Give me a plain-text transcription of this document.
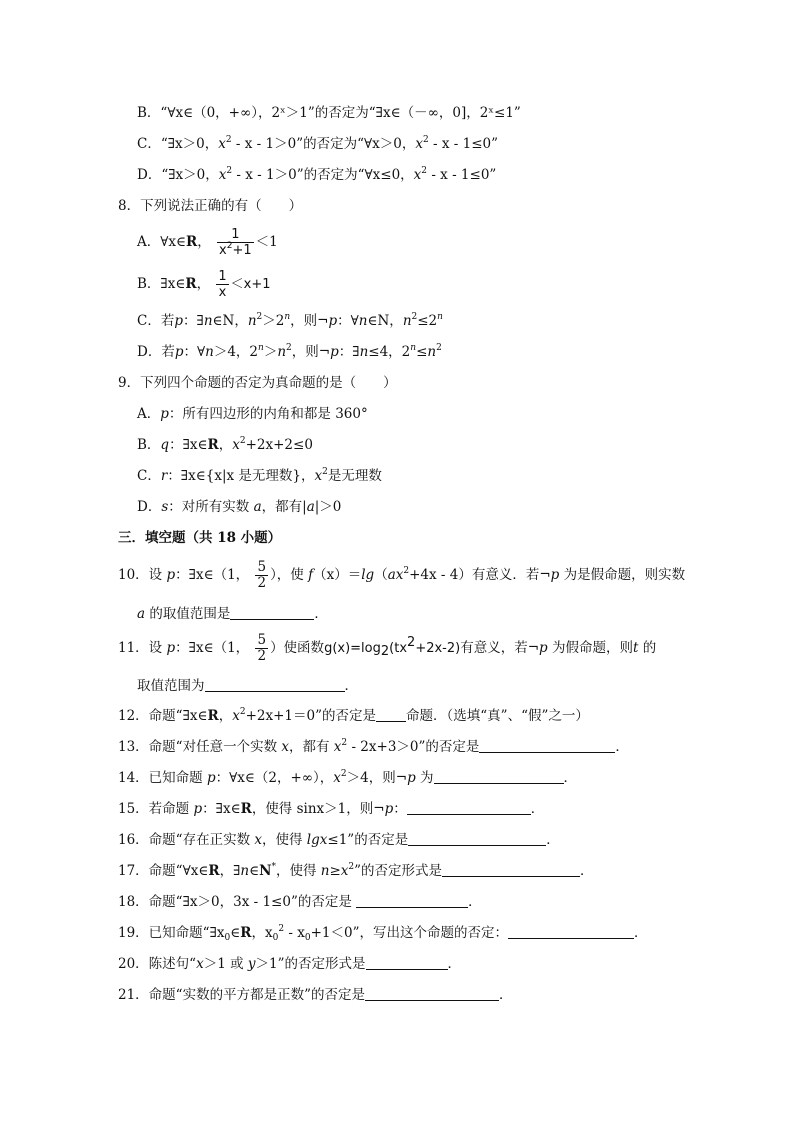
B．“∀x∈（0，+∞），2ˣ＞1”的否定为“∃x∈（－∞，0]，2ˣ≤1”
C．“∃x＞0，$x^2 - x - 1>0$”的否定为“∀x＞0，$x^2 - x - 1\le 0$”
D．“∃x＞0，$x^2 - x - 1>0$”的否定为“∀x≤0，$x^2 - x - 1\le 0$”
8．下列说法正确的有（　　）
A．∀x∈R， $\frac{1}{x^2+1} <1$
B．∃x∈R， $\frac{1}{x} <x+1$
C．若p：∃n∈N，$n^2>2^n$，则¬p：∀n∈N，$n^2\le 2^n$
D．若p：∀n＞4，$2^n>n^2$，则¬p：∃n≤4，$2^n\le n^2$
9．下列四个命题的否定为真命题的是（　　）
A．p：所有四边形的内角和都是 360°
B．q：∃x∈R，$x^2+2x+2\le 0$
C．r：∃x∈{x|x 是无理数}，$x^2$是无理数
D．s：对所有实数 a，都有|a|＞0
三．填空题（共 18 小题）
10．设 p：∃x∈（1， $\frac{5}{2}$ ），使 $f(x)=\lg(ax^2+4x - 4)$有意义．若¬p 为是假命题，则实数
a 的取值范围是	．
11．设 p：∃x∈（1， $\frac{5}{2}$ ）使函数$g(x)=\log_2(tx^2+2x-2)$有意义，若¬p 为假命题，则t 的
取值范围为	．
12．命题“∃x∈R，$x^2+2x+1=0$”的否定是 命题．（选填“真”、“假”之一）
13．命题“对任意一个实数 x，都有 $x^2 - 2x+3>0$”的否定是	．
14．已知命题 p：∀x∈（2，+∞），$x^2>4$，则¬p 为	．
15．若命题 p：∃x∈R，使得 sinx＞1，则¬p：	．
16．命题“存在正实数 x，使得 lgx≤1”的否定是	．
17．命题“∀x∈R，∃n∈N*，使得 $n\ge x^2$”的否定形式是	．
18．命题“∃x＞0，3x - 1≤0”的否定是	．
19．已知命题“$\exists x_0\in R$，$x_0^2 - x_0+1<0$”，写出这个命题的否定：	．
20．陈述句“x＞1 或 y＞1”的否定形式是	．
21．命题“实数的平方都是正数”的否定是	．
